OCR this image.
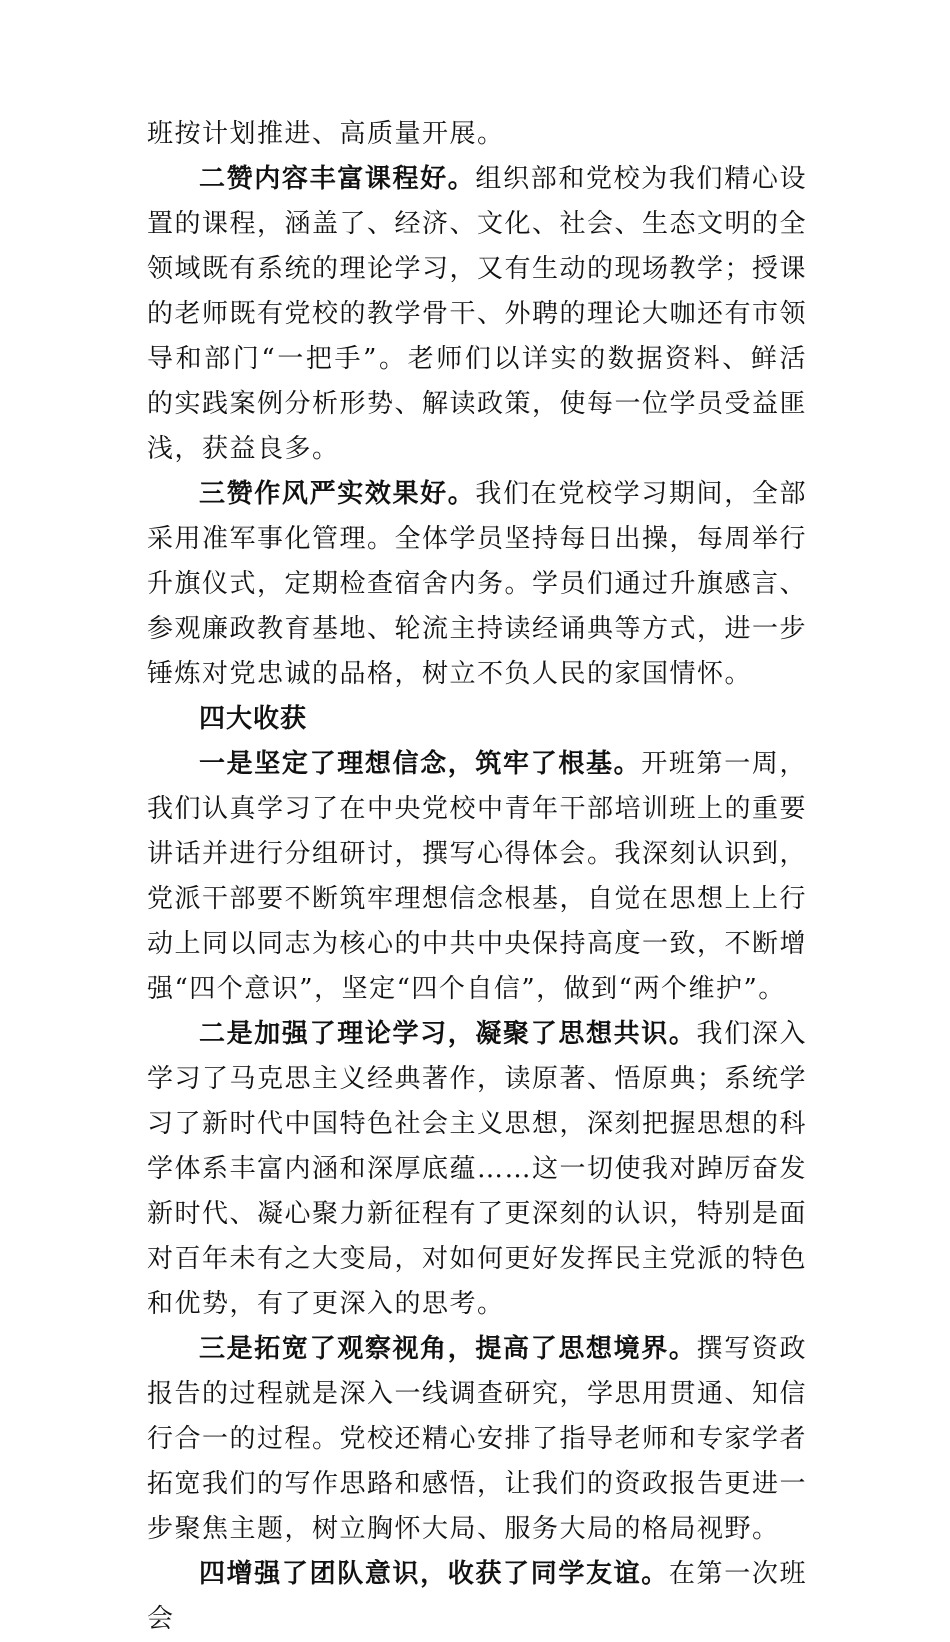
班按计划推进、高质量开展。

二赞内容丰富课程好。组织部和党校为我们精心设置的课程，涵盖了、经济、文化、社会、生态文明的全领域既有系统的理论学习，又有生动的现场教学；授课的老师既有党校的教学骨干、外聘的理论大咖还有市领导和部门“一把手”。老师们以详实的数据资料、鲜活的实践案例分析形势、解读政策，使每一位学员受益匪浅，获益良多。

三赞作风严实效果好。我们在党校学习期间，全部采用准军事化管理。全体学员坚持每日出操，每周举行升旗仪式，定期检查宿舍内务。学员们通过升旗感言、参观廉政教育基地、轮流主持读经诵典等方式，进一步锤炼对党忠诚的品格，树立不负人民的家国情怀。

四大收获

一是坚定了理想信念，筑牢了根基。开班第一周，我们认真学习了在中央党校中青年干部培训班上的重要讲话并进行分组研讨，撰写心得体会。我深刻认识到，党派干部要不断筑牢理想信念根基，自觉在思想上上行动上同以同志为核心的中共中央保持高度一致，不断增强“四个意识”，坚定“四个自信”，做到“两个维护”。

二是加强了理论学习，凝聚了思想共识。我们深入学习了马克思主义经典著作，读原著、悟原典；系统学习了新时代中国特色社会主义思想，深刻把握思想的科学体系丰富内涵和深厚底蕴……这一切使我对踔厉奋发新时代、凝心聚力新征程有了更深刻的认识，特别是面对百年未有之大变局，对如何更好发挥民主党派的特色和优势，有了更深入的思考。

三是拓宽了观察视角，提高了思想境界。撰写资政报告的过程就是深入一线调查研究，学思用贯通、知信行合一的过程。党校还精心安排了指导老师和专家学者拓宽我们的写作思路和感悟，让我们的资政报告更进一步聚焦主题，树立胸怀大局、服务大局的格局视野。

四增强了团队意识，收获了同学友谊。在第一次班会
